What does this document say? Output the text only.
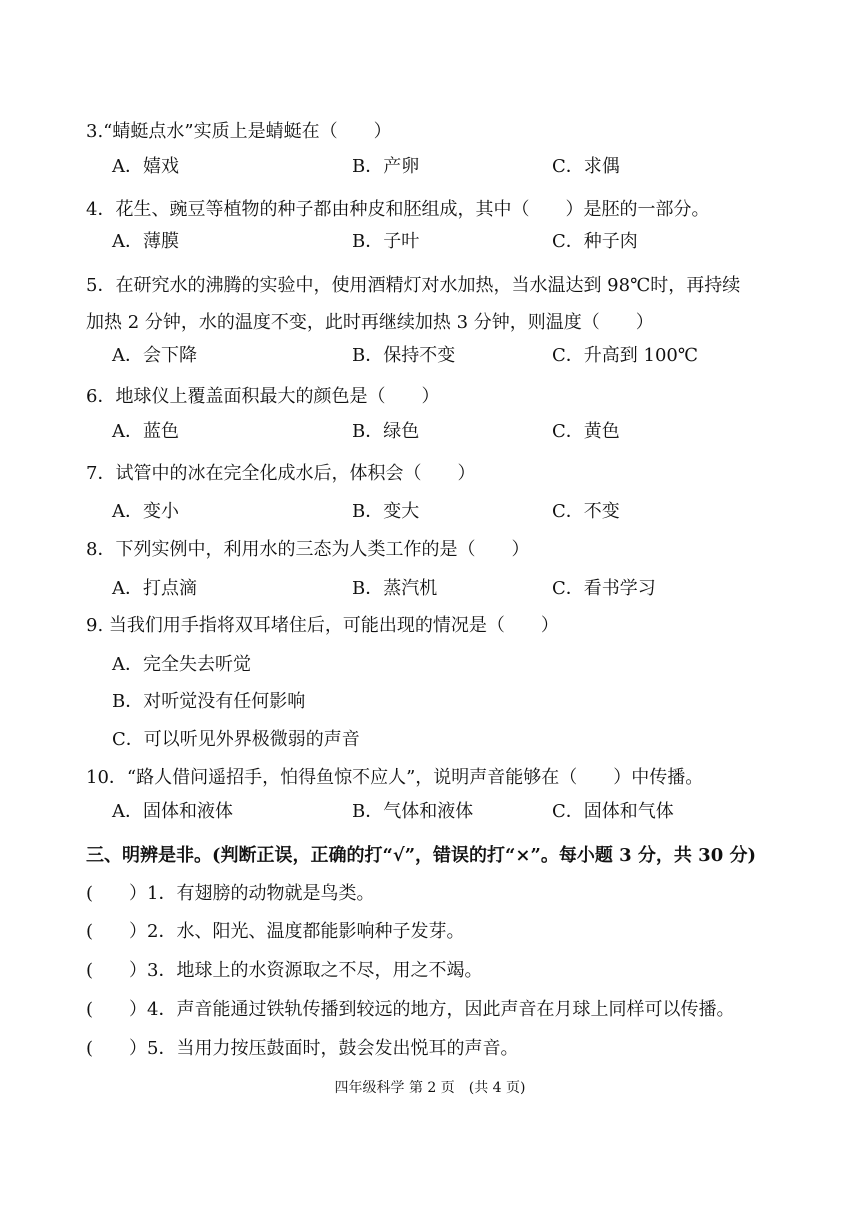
3.“蜻蜓点水”实质上是蜻蜓在（　　）
A．嬉戏	B．产卵	C．求偶
4．花生、豌豆等植物的种子都由种皮和胚组成，其中（　　）是胚的一部分。
A．薄膜	B．子叶	C．种子肉
5．在研究水的沸腾的实验中，使用酒精灯对水加热，当水温达到 98℃时，再持续
加热 2 分钟，水的温度不变，此时再继续加热 3 分钟，则温度（　　）
A．会下降	B．保持不变	C．升高到 100℃
6．地球仪上覆盖面积最大的颜色是（　　）
A．蓝色	B．绿色	C．黄色
7．试管中的冰在完全化成水后，体积会（　　）
A．变小	B．变大	C．不变
8．下列实例中，利用水的三态为人类工作的是（　　）
A．打点滴	B．蒸汽机	C．看书学习
9. 当我们用手指将双耳堵住后，可能出现的情况是（　　）
A．完全失去听觉
B．对听觉没有任何影响
C．可以听见外界极微弱的声音
10．“路人借问遥招手，怕得鱼惊不应人”，说明声音能够在（　　）中传播。
A．固体和液体	B．气体和液体	C．固体和气体
三、明辨是非。(判断正误，正确的打“√”，错误的打“×”。每小题 3 分，共 30 分)
(　　）1．有翅膀的动物就是鸟类。
(　　）2．水、阳光、温度都能影响种子发芽。
(　　）3．地球上的水资源取之不尽，用之不竭。
(　　）4．声音能通过铁轨传播到较远的地方，因此声音在月球上同样可以传播。
(　　）5．当用力按压鼓面时，鼓会发出悦耳的声音。
四年级科学 第 2 页　(共 4 页)
